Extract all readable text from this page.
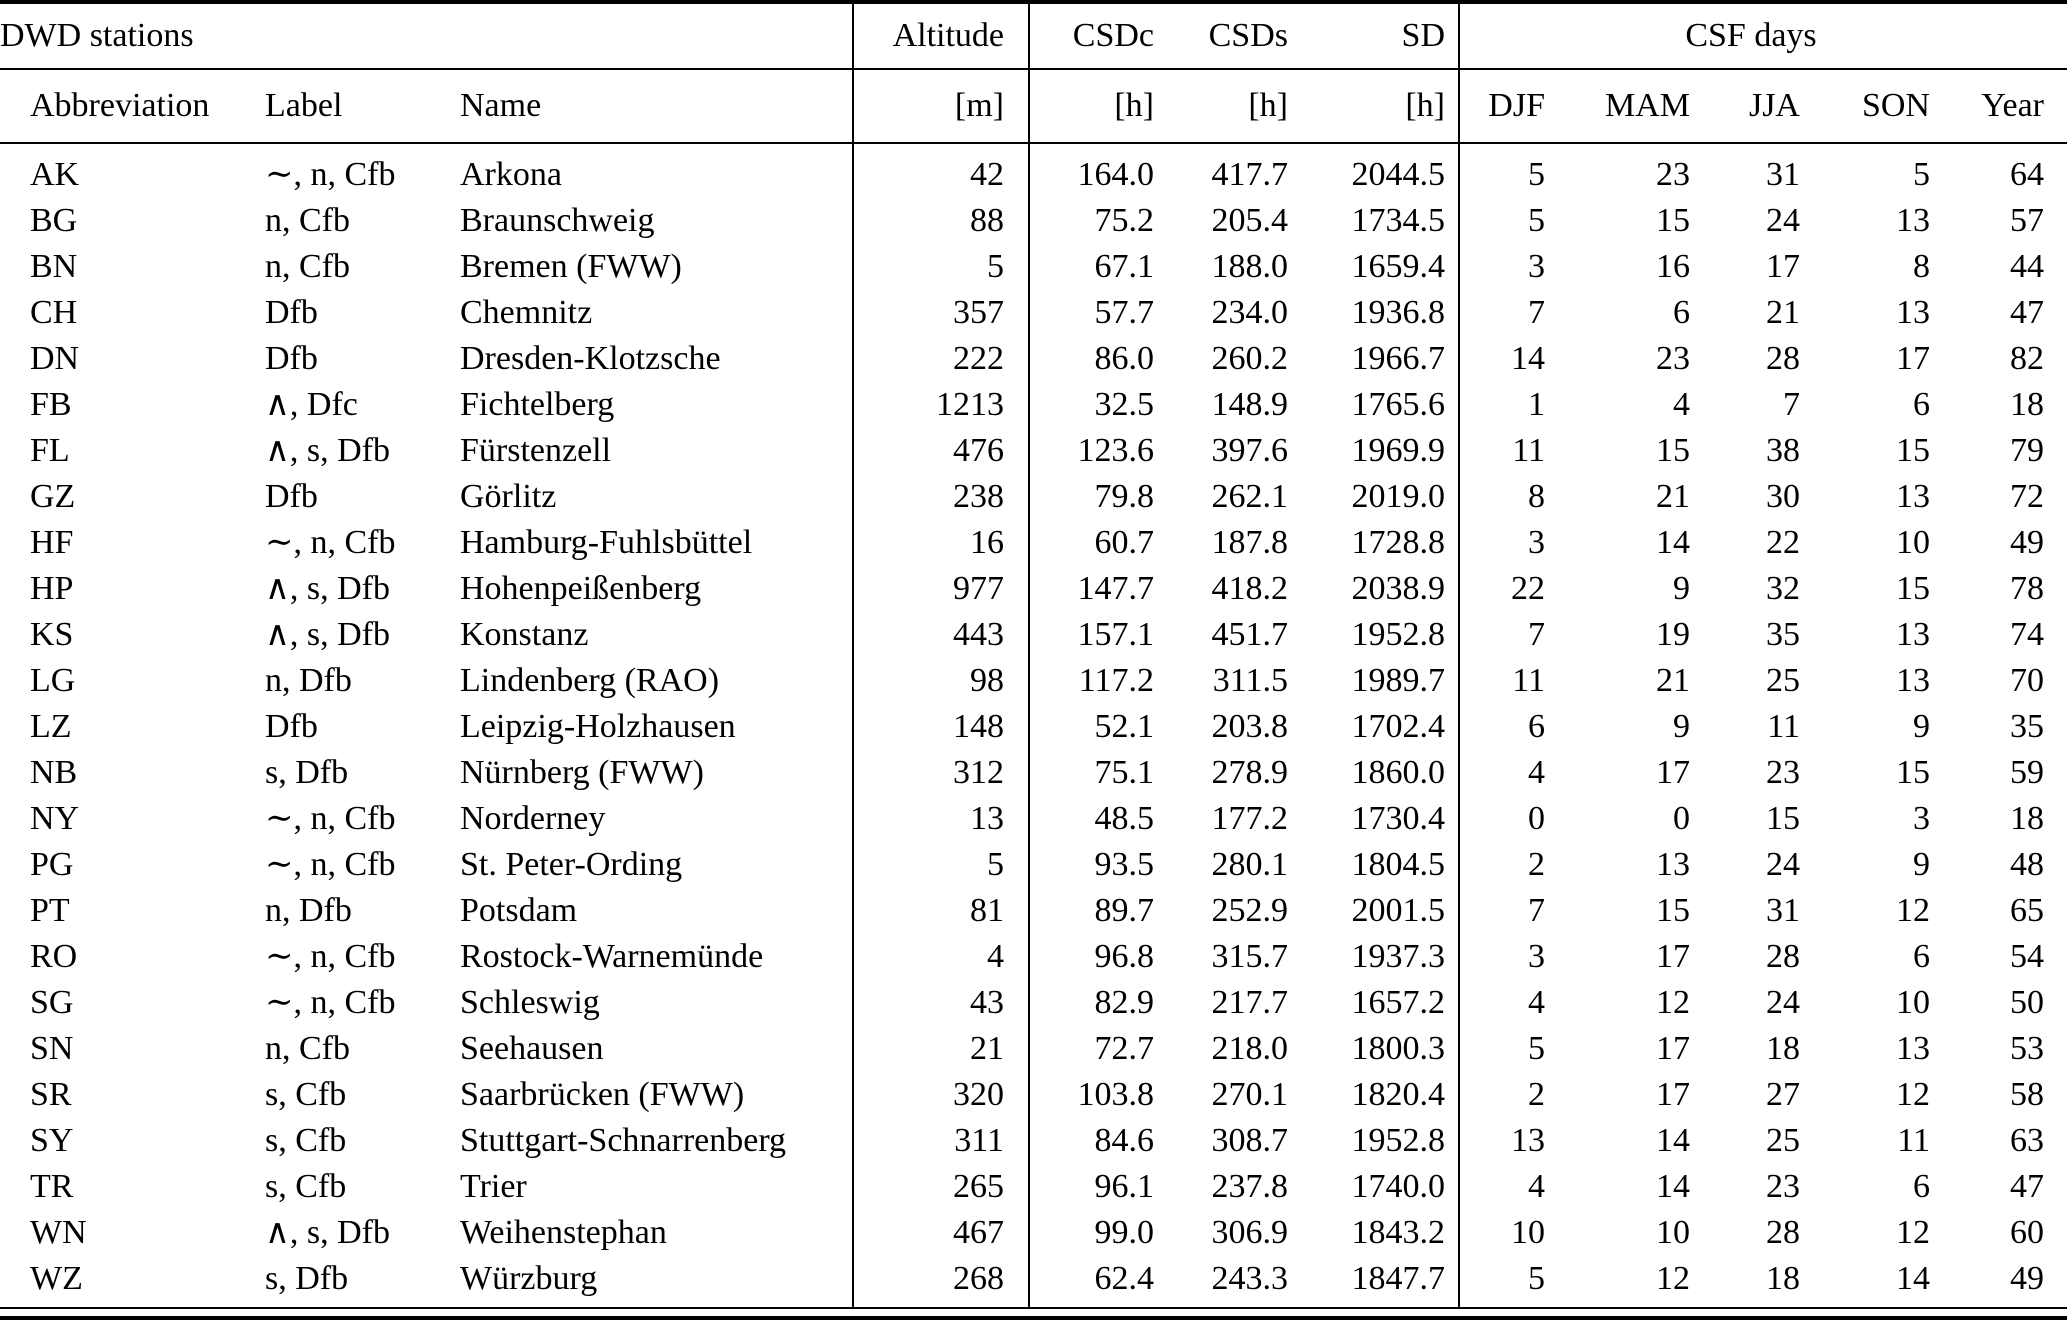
DWD stations	Altitude	CSDc	CSDs	SD	CSF days
Abbreviation	Label	Name	[m]	[h]	[h]	[h]	DJF	MAM	JJA	SON	Year
AK	∼, n, Cfb	Arkona	42	164.0	417.7	2044.5	5	23	31	5	64
BG	n, Cfb	Braunschweig	88	75.2	205.4	1734.5	5	15	24	13	57
BN	n, Cfb	Bremen (FWW)	5	67.1	188.0	1659.4	3	16	17	8	44
CH	Dfb	Chemnitz	357	57.7	234.0	1936.8	7	6	21	13	47
DN	Dfb	Dresden-Klotzsche	222	86.0	260.2	1966.7	14	23	28	17	82
FB	∧, Dfc	Fichtelberg	1213	32.5	148.9	1765.6	1	4	7	6	18
FL	∧, s, Dfb	Fürstenzell	476	123.6	397.6	1969.9	11	15	38	15	79
GZ	Dfb	Görlitz	238	79.8	262.1	2019.0	8	21	30	13	72
HF	∼, n, Cfb	Hamburg-Fuhlsbüttel	16	60.7	187.8	1728.8	3	14	22	10	49
HP	∧, s, Dfb	Hohenpeißenberg	977	147.7	418.2	2038.9	22	9	32	15	78
KS	∧, s, Dfb	Konstanz	443	157.1	451.7	1952.8	7	19	35	13	74
LG	n, Dfb	Lindenberg (RAO)	98	117.2	311.5	1989.7	11	21	25	13	70
LZ	Dfb	Leipzig-Holzhausen	148	52.1	203.8	1702.4	6	9	11	9	35
NB	s, Dfb	Nürnberg (FWW)	312	75.1	278.9	1860.0	4	17	23	15	59
NY	∼, n, Cfb	Norderney	13	48.5	177.2	1730.4	0	0	15	3	18
PG	∼, n, Cfb	St. Peter-Ording	5	93.5	280.1	1804.5	2	13	24	9	48
PT	n, Dfb	Potsdam	81	89.7	252.9	2001.5	7	15	31	12	65
RO	∼, n, Cfb	Rostock-Warnemünde	4	96.8	315.7	1937.3	3	17	28	6	54
SG	∼, n, Cfb	Schleswig	43	82.9	217.7	1657.2	4	12	24	10	50
SN	n, Cfb	Seehausen	21	72.7	218.0	1800.3	5	17	18	13	53
SR	s, Cfb	Saarbrücken (FWW)	320	103.8	270.1	1820.4	2	17	27	12	58
SY	s, Cfb	Stuttgart-Schnarrenberg	311	84.6	308.7	1952.8	13	14	25	11	63
TR	s, Cfb	Trier	265	96.1	237.8	1740.0	4	14	23	6	47
WN	∧, s, Dfb	Weihenstephan	467	99.0	306.9	1843.2	10	10	28	12	60
WZ	s, Dfb	Würzburg	268	62.4	243.3	1847.7	5	12	18	14	49
